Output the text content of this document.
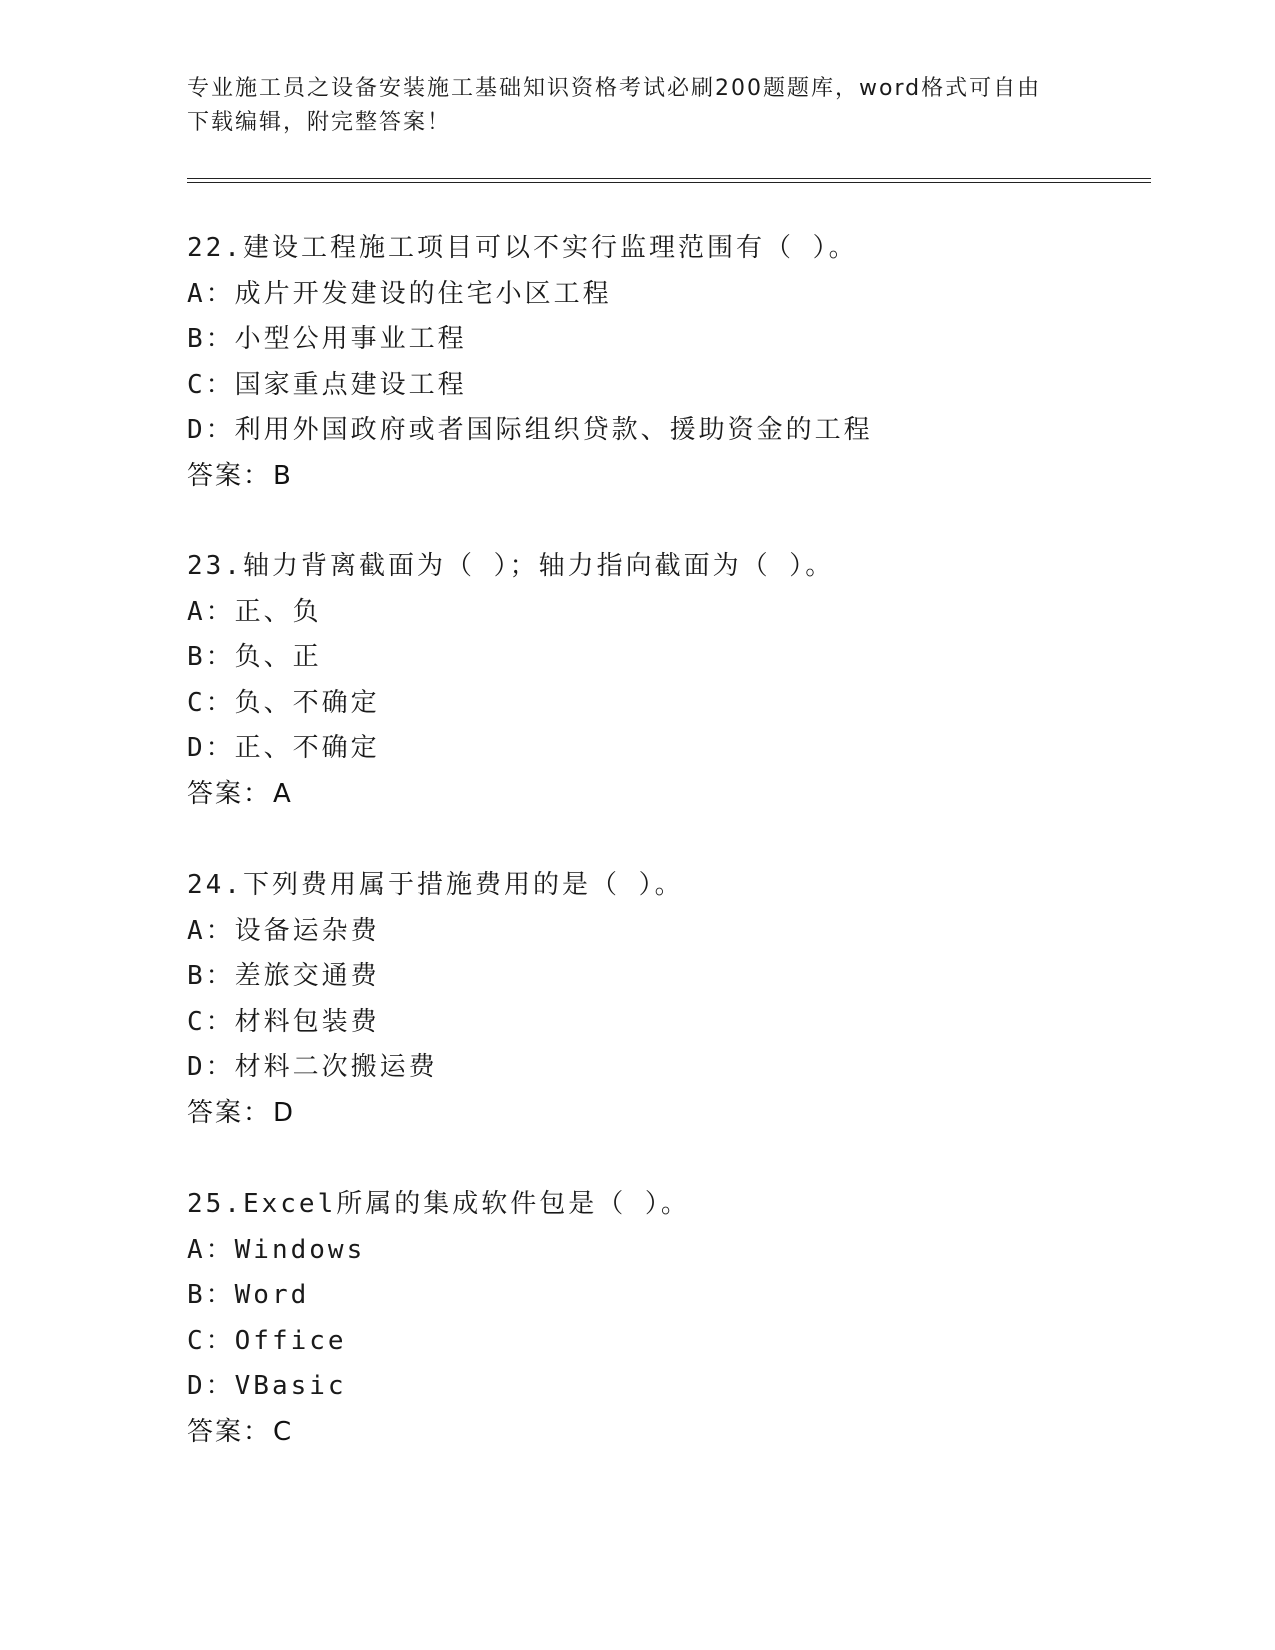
专业施工员之设备安装施工基础知识资格考试必刷200题题库，word格式可自由
下载编辑，附完整答案！
22.建设工程施工项目可以不实行监理范围有（ ）。
A：成片开发建设的住宅小区工程
B：小型公用事业工程
C：国家重点建设工程
D：利用外国政府或者国际组织贷款、援助资金的工程
答案：B
23.轴力背离截面为（ ）；轴力指向截面为（ ）。
A：正、负
B：负、正
C：负、不确定
D：正、不确定
答案：A
24.下列费用属于措施费用的是（ ）。
A：设备运杂费
B：差旅交通费
C：材料包装费
D：材料二次搬运费
答案：D
25.Excel所属的集成软件包是（ ）。
A：Windows
B：Word
C：Office
D：VBasic
答案：C
